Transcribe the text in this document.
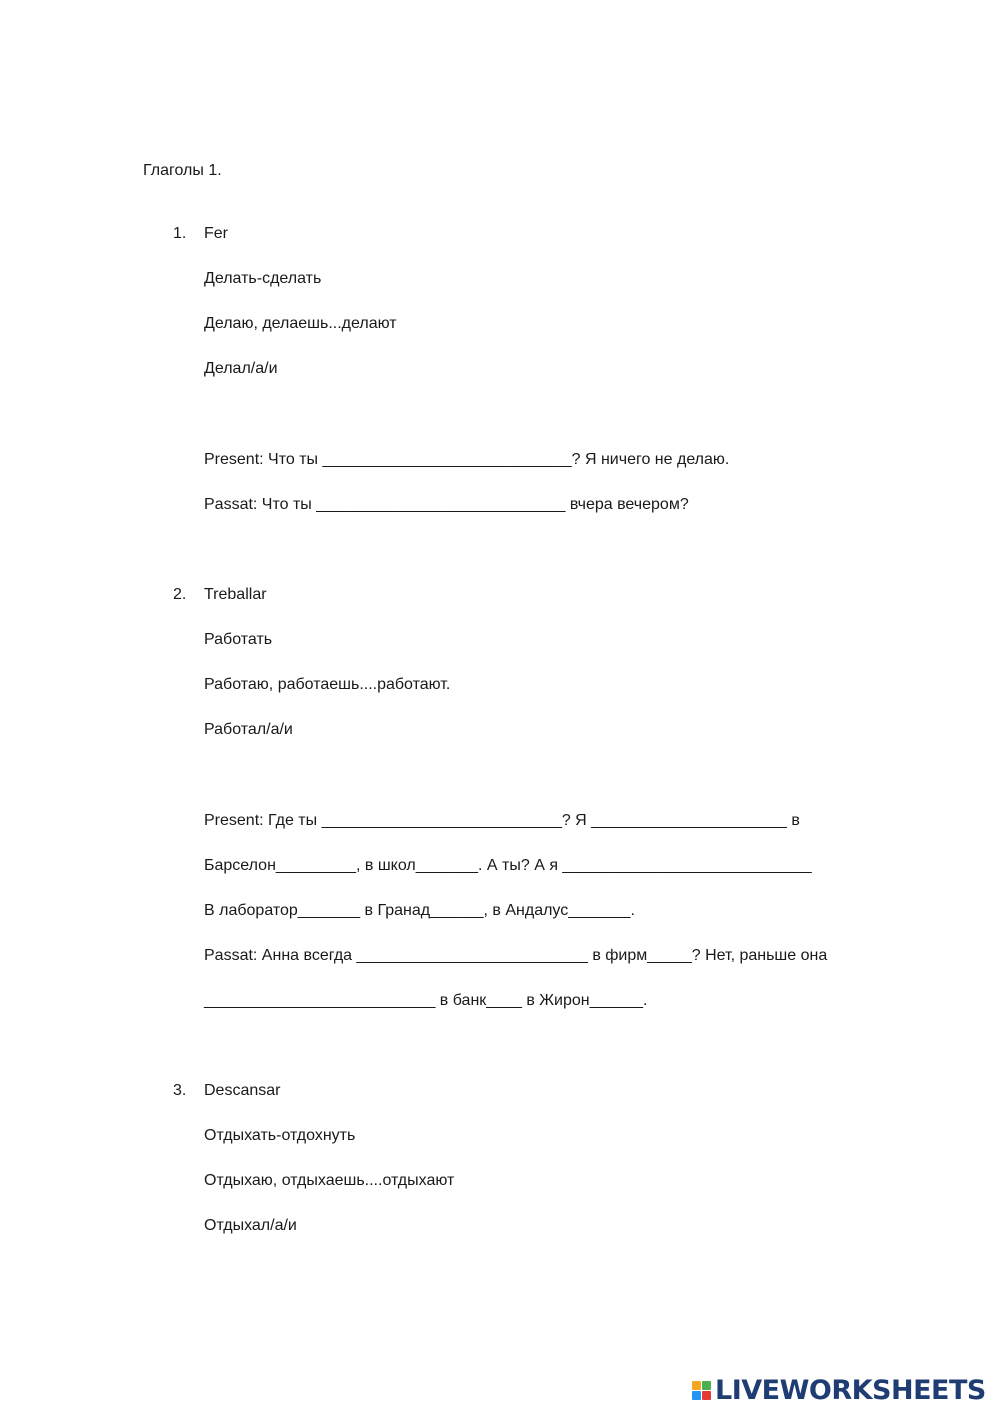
Глаголы 1.
1. Fer
Делать-сделать
Делаю, делаешь...делают
Делал/а/и
Present: Что ты ____________________________? Я ничего не делаю.
Passat: Что ты ____________________________ вчера вечером?
2. Treballar
Работать
Работаю, работаешь....работают.
Работал/а/и
Present: Где ты ___________________________? Я ______________________ в
Барселон_________, в школ_______. А ты? А я ____________________________
В лаборатор_______ в Гранад______, в Андалус_______.
Passat: Анна всегда __________________________ в фирм_____? Нет, раньше она
__________________________ в банк____ в Жирон______.
3. Descansar
Отдыхать-отдохнуть
Отдыхаю, отдыхаешь....отдыхают
Отдыхал/а/и
LIVEWORKSHEETS
